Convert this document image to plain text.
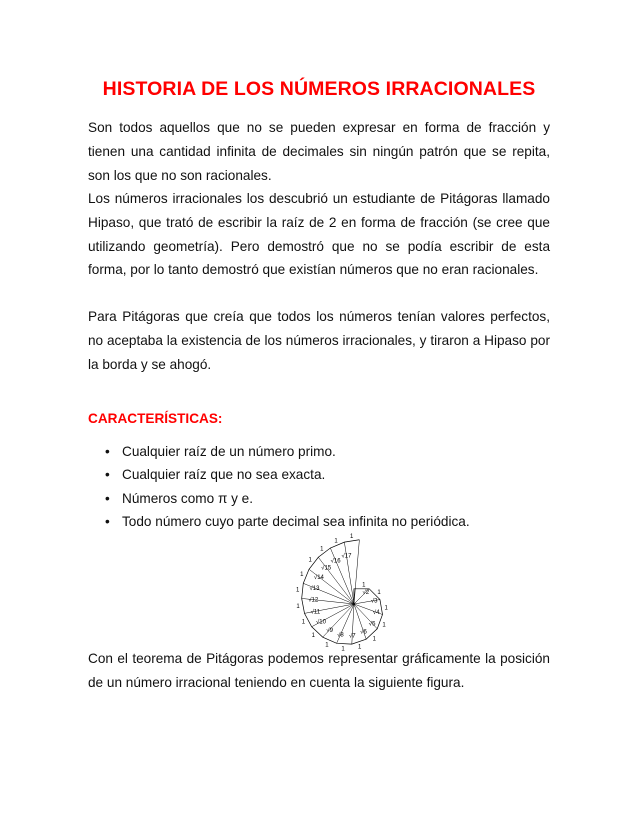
HISTORIA DE LOS NÚMEROS IRRACIONALES

Son todos aquellos que no se pueden expresar en forma de fracción y tienen una cantidad infinita de decimales sin ningún patrón que se repita, son los que no son racionales.

Los números irracionales los descubrió un estudiante de Pitágoras llamado Hipaso, que trató de escribir la raíz de 2 en forma de fracción (se cree que utilizando geometría). Pero demostró que no se podía escribir de esta forma, por lo tanto demostró que existían números que no eran racionales.

Para Pitágoras que creía que todos los números tenían valores perfectos, no aceptaba la existencia de los números irracionales, y tiraron a Hipaso por la borda y se ahogó.

CARACTERÍSTICAS:
• Cualquier raíz de un número primo.
• Cualquier raíz que no sea exacta.
• Números como π y e.
• Todo número cuyo parte decimal sea infinita no periódica.
1
1
1
1
1
1
1
1
1
1
1
1
1
1
1
1
1
√2
√3
√4
√5
√6
√7
√8
√9
√10
√11
√12
√13
√14
√15
√16
√17

Con el teorema de Pitágoras podemos representar gráficamente la posición de un número irracional teniendo en cuenta la siguiente figura.
